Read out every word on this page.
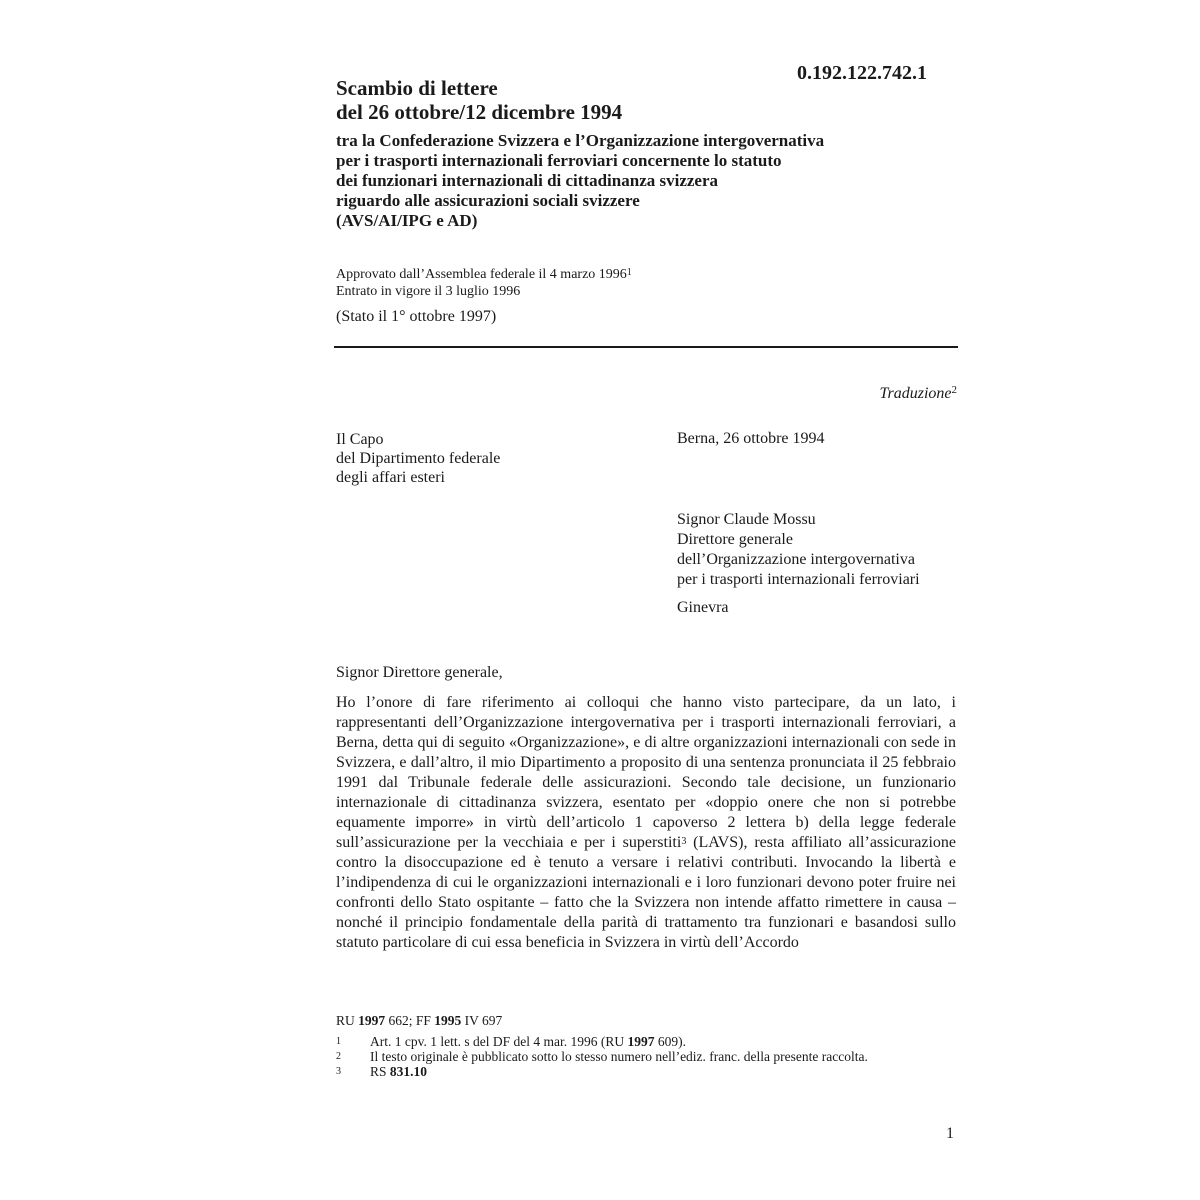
0.192.122.742.1
Scambio di lettere
del 26 ottobre/12 dicembre 1994
tra la Confederazione Svizzera e l’Organizzazione intergovernativa
per i trasporti internazionali ferroviari concernente lo statuto
dei funzionari internazionali di cittadinanza svizzera
riguardo alle assicurazioni sociali svizzere
(AVS/AI/IPG e AD)
Approvato dall’Assemblea federale il 4 marzo 1996$^1$
Entrato in vigore il 3 luglio 1996
(Stato il 1° ottobre 1997)
Traduzione$^2$
Il Capo
del Dipartimento federale
degli affari esteri
Berna, 26 ottobre 1994
Signor Claude Mossu
Direttore generale
dell’Organizzazione intergovernativa
per i trasporti internazionali ferroviari
Ginevra
Signor Direttore generale,
Ho l’onore di fare riferimento ai colloqui che hanno visto partecipare, da un lato, i rappresentanti dell’Organizzazione intergovernativa per i trasporti internazionali ferroviari, a Berna, detta qui di seguito «Organizzazione», e di altre organizzazioni internazionali con sede in Svizzera, e dall’altro, il mio Dipartimento a proposito di una sentenza pronunciata il 25 febbraio 1991 dal Tribunale federale delle assicurazioni. Secondo tale decisione, un funzionario internazionale di cittadinanza svizzera, esentato per «doppio onere che non si potrebbe equamente imporre» in virtù dell’articolo 1 capoverso 2 lettera b) della legge federale sull’assicurazione per la vecchiaia e per i superstiti$^3$ (LAVS), resta affiliato all’assicurazione contro la disoccupazione ed è tenuto a versare i relativi contributi. Invocando la libertà e l’indipendenza di cui le organizzazioni internazionali e i loro funzionari devono poter fruire nei confronti dello Stato ospitante – fatto che la Svizzera non intende affatto rimettere in causa – nonché il principio fondamentale della parità di trattamento tra funzionari e basandosi sullo statuto particolare di cui essa beneficia in Svizzera in virtù dell’Accordo
RU 1997 662; FF 1995 IV 697
1	Art. 1 cpv. 1 lett. s del DF del 4 mar. 1996 (RU 1997 609).
2	Il testo originale è pubblicato sotto lo stesso numero nell’ediz. franc. della presente raccolta.
3	RS 831.10
1
